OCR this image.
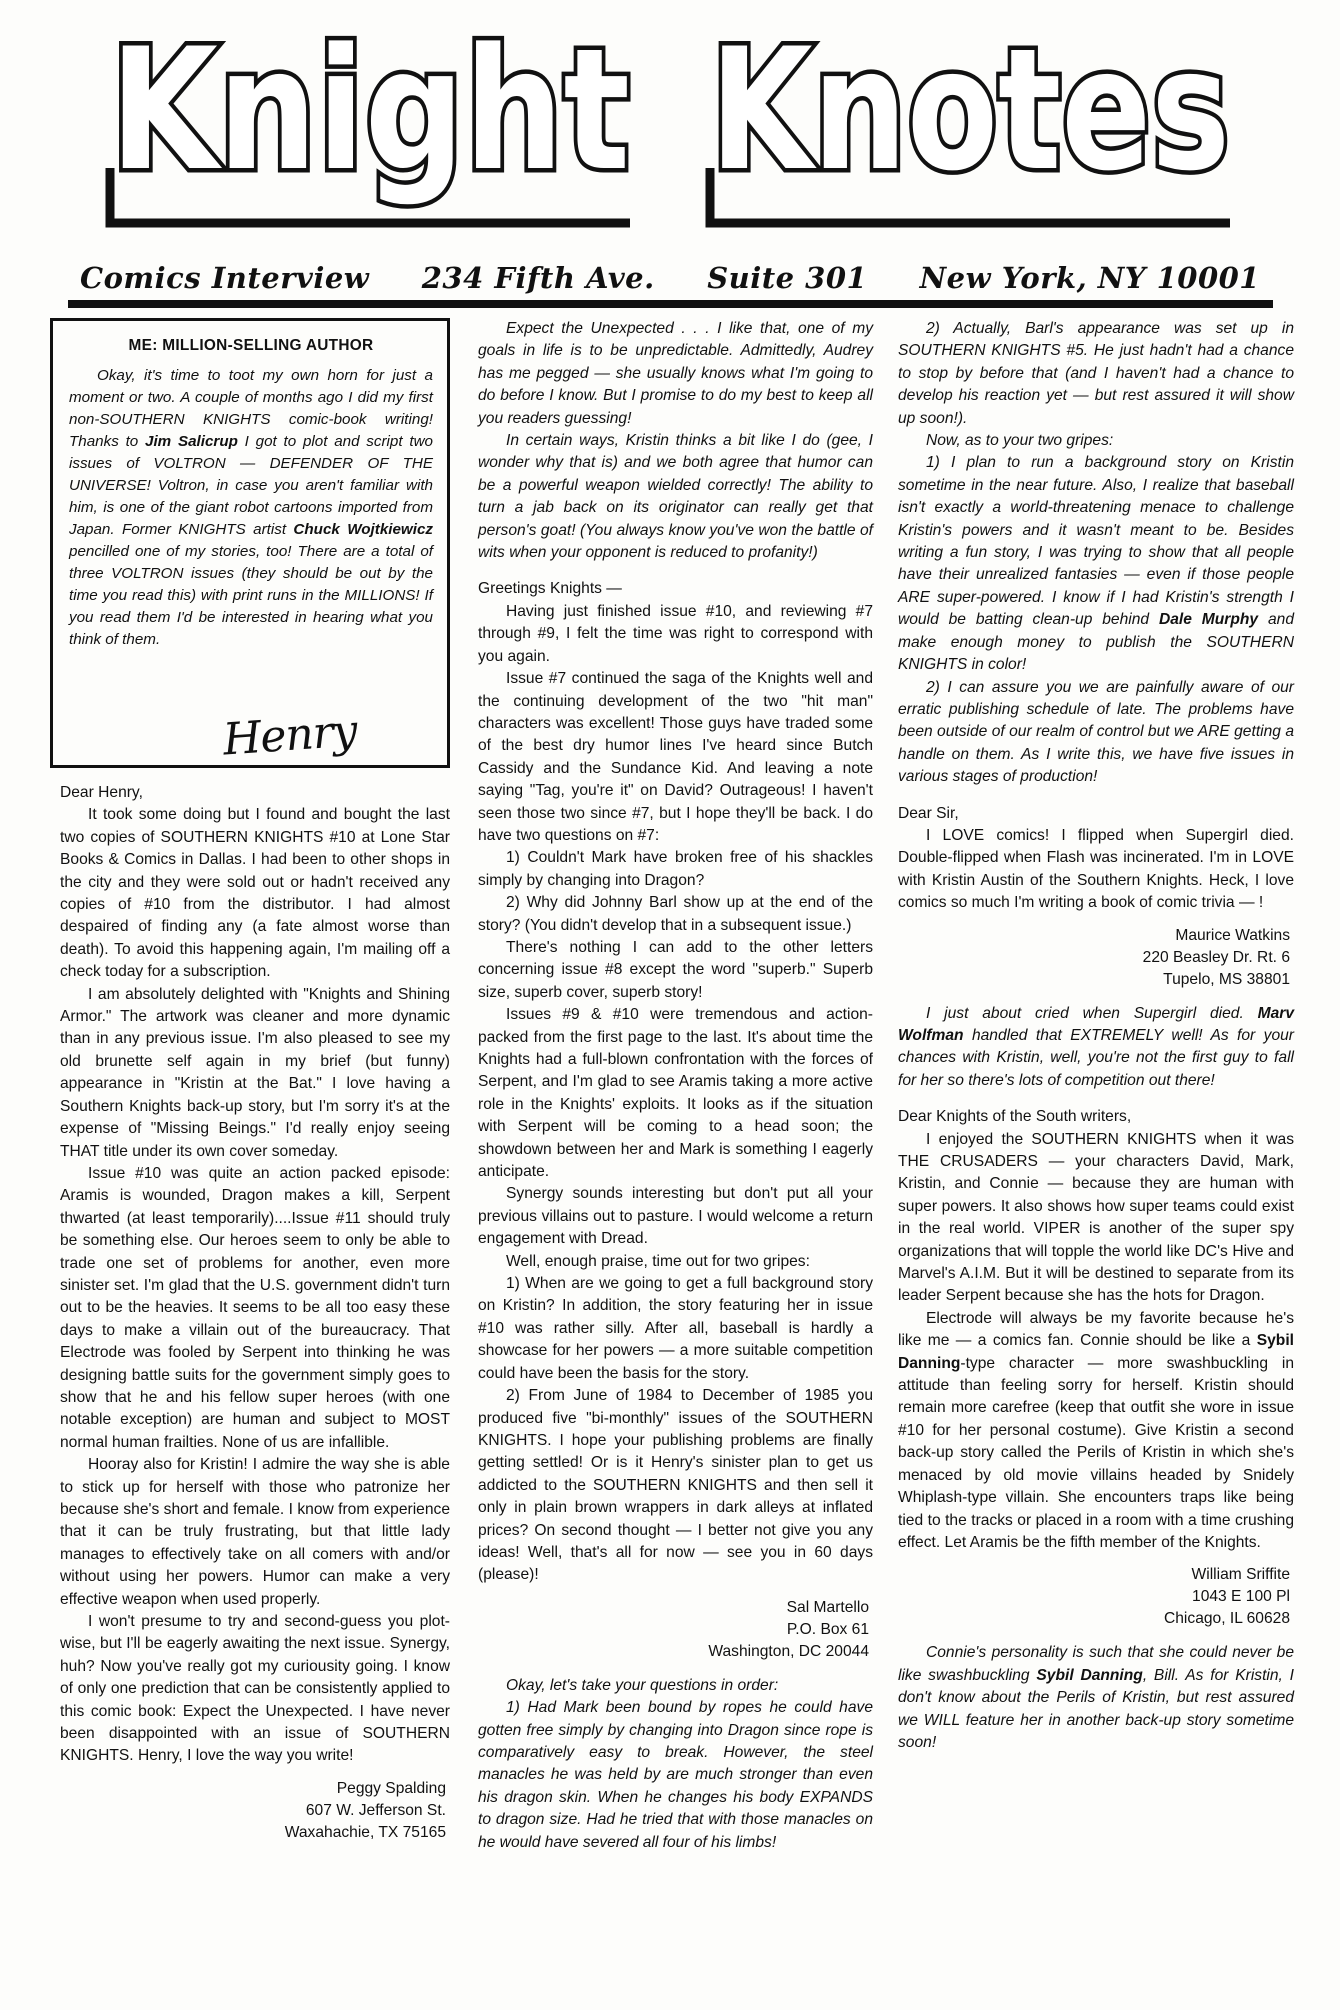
Knight Knotes
Comics Interview 234 Fifth Ave. Suite 301 New York, NY 10001
ME: MILLION-SELLING AUTHOR

Okay, it's time to toot my own horn for just a moment or two. A couple of months ago I did my first non-SOUTHERN KNIGHTS comic-book writing! Thanks to Jim Salicrup I got to plot and script two issues of VOLTRON — DEFENDER OF THE UNIVERSE! Voltron, in case you aren't familiar with him, is one of the giant robot cartoons imported from Japan. Former KNIGHTS artist Chuck Wojtkiewicz pencilled one of my stories, too! There are a total of three VOLTRON issues (they should be out by the time you read this) with print runs in the MILLIONS! If you read them I'd be interested in hearing what you think of them.

Henry

Dear Henry,

It took some doing but I found and bought the last two copies of SOUTHERN KNIGHTS #10 at Lone Star Books & Comics in Dallas. I had been to other shops in the city and they were sold out or hadn't received any copies of #10 from the distributor. I had almost despaired of finding any (a fate almost worse than death). To avoid this happening again, I'm mailing off a check today for a subscription.

I am absolutely delighted with "Knights and Shining Armor." The artwork was cleaner and more dynamic than in any previous issue. I'm also pleased to see my old brunette self again in my brief (but funny) appearance in "Kristin at the Bat." I love having a Southern Knights back-up story, but I'm sorry it's at the expense of "Missing Beings." I'd really enjoy seeing THAT title under its own cover someday.

Issue #10 was quite an action packed episode: Aramis is wounded, Dragon makes a kill, Serpent thwarted (at least temporarily)....Issue #11 should truly be something else. Our heroes seem to only be able to trade one set of problems for another, even more sinister set. I'm glad that the U.S. government didn't turn out to be the heavies. It seems to be all too easy these days to make a villain out of the bureaucracy. That Electrode was fooled by Serpent into thinking he was designing battle suits for the government simply goes to show that he and his fellow super heroes (with one notable exception) are human and subject to MOST normal human frailties. None of us are infallible.

Hooray also for Kristin! I admire the way she is able to stick up for herself with those who patronize her because she's short and female. I know from experience that it can be truly frustrating, but that little lady manages to effectively take on all comers with and/or without using her powers. Humor can make a very effective weapon when used properly.

I won't presume to try and second-guess you plot-wise, but I'll be eagerly awaiting the next issue. Synergy, huh? Now you've really got my curiousity going. I know of only one prediction that can be consistently applied to this comic book: Expect the Unexpected. I have never been disappointed with an issue of SOUTHERN KNIGHTS. Henry, I love the way you write!

Peggy Spalding
607 W. Jefferson St.
Waxahachie, TX 75165

Expect the Unexpected . . . I like that, one of my goals in life is to be unpredictable. Admittedly, Audrey has me pegged — she usually knows what I'm going to do before I know. But I promise to do my best to keep all you readers guessing!

In certain ways, Kristin thinks a bit like I do (gee, I wonder why that is) and we both agree that humor can be a powerful weapon wielded correctly! The ability to turn a jab back on its originator can really get that person's goat! (You always know you've won the battle of wits when your opponent is reduced to profanity!)

Greetings Knights —

Having just finished issue #10, and reviewing #7 through #9, I felt the time was right to correspond with you again.

Issue #7 continued the saga of the Knights well and the continuing development of the two "hit man" characters was excellent! Those guys have traded some of the best dry humor lines I've heard since Butch Cassidy and the Sundance Kid. And leaving a note saying "Tag, you're it" on David? Outrageous! I haven't seen those two since #7, but I hope they'll be back. I do have two questions on #7:

1) Couldn't Mark have broken free of his shackles simply by changing into Dragon?

2) Why did Johnny Barl show up at the end of the story? (You didn't develop that in a subsequent issue.)

There's nothing I can add to the other letters concerning issue #8 except the word "superb." Superb size, superb cover, superb story!

Issues #9 & #10 were tremendous and action-packed from the first page to the last. It's about time the Knights had a full-blown confrontation with the forces of Serpent, and I'm glad to see Aramis taking a more active role in the Knights' exploits. It looks as if the situation with Serpent will be coming to a head soon; the showdown between her and Mark is something I eagerly anticipate.

Synergy sounds interesting but don't put all your previous villains out to pasture. I would welcome a return engagement with Dread.

Well, enough praise, time out for two gripes:

1) When are we going to get a full background story on Kristin? In addition, the story featuring her in issue #10 was rather silly. After all, baseball is hardly a showcase for her powers — a more suitable competition could have been the basis for the story.

2) From June of 1984 to December of 1985 you produced five "bi-monthly" issues of the SOUTHERN KNIGHTS. I hope your publishing problems are finally getting settled! Or is it Henry's sinister plan to get us addicted to the SOUTHERN KNIGHTS and then sell it only in plain brown wrappers in dark alleys at inflated prices? On second thought — I better not give you any ideas! Well, that's all for now — see you in 60 days (please)!

Sal Martello
P.O. Box 61
Washington, DC 20044

Okay, let's take your questions in order:

1) Had Mark been bound by ropes he could have gotten free simply by changing into Dragon since rope is comparatively easy to break. However, the steel manacles he was held by are much stronger than even his dragon skin. When he changes his body EXPANDS to dragon size. Had he tried that with those manacles on he would have severed all four of his limbs!

2) Actually, Barl's appearance was set up in SOUTHERN KNIGHTS #5. He just hadn't had a chance to stop by before that (and I haven't had a chance to develop his reaction yet — but rest assured it will show up soon!).

Now, as to your two gripes:

1) I plan to run a background story on Kristin sometime in the near future. Also, I realize that baseball isn't exactly a world-threatening menace to challenge Kristin's powers and it wasn't meant to be. Besides writing a fun story, I was trying to show that all people have their unrealized fantasies — even if those people ARE super-powered. I know if I had Kristin's strength I would be batting clean-up behind Dale Murphy and make enough money to publish the SOUTHERN KNIGHTS in color!

2) I can assure you we are painfully aware of our erratic publishing schedule of late. The problems have been outside of our realm of control but we ARE getting a handle on them. As I write this, we have five issues in various stages of production!

Dear Sir,

I LOVE comics! I flipped when Supergirl died. Double-flipped when Flash was incinerated. I'm in LOVE with Kristin Austin of the Southern Knights. Heck, I love comics so much I'm writing a book of comic trivia — !

Maurice Watkins
220 Beasley Dr. Rt. 6
Tupelo, MS 38801

I just about cried when Supergirl died. Marv Wolfman handled that EXTREMELY well! As for your chances with Kristin, well, you're not the first guy to fall for her so there's lots of competition out there!

Dear Knights of the South writers,

I enjoyed the SOUTHERN KNIGHTS when it was THE CRUSADERS — your characters David, Mark, Kristin, and Connie — because they are human with super powers. It also shows how super teams could exist in the real world. VIPER is another of the super spy organizations that will topple the world like DC's Hive and Marvel's A.I.M. But it will be destined to separate from its leader Serpent because she has the hots for Dragon.

Electrode will always be my favorite because he's like me — a comics fan. Connie should be like a Sybil Danning-type character — more swashbuckling in attitude than feeling sorry for herself. Kristin should remain more carefree (keep that outfit she wore in issue #10 for her personal costume). Give Kristin a second back-up story called the Perils of Kristin in which she's menaced by old movie villains headed by Snidely Whiplash-type villain. She encounters traps like being tied to the tracks or placed in a room with a time crushing effect. Let Aramis be the fifth member of the Knights.

William Sriffite
1043 E 100 Pl
Chicago, IL 60628

Connie's personality is such that she could never be like swashbuckling Sybil Danning, Bill. As for Kristin, I don't know about the Perils of Kristin, but rest assured we WILL feature her in another back-up story sometime soon!
